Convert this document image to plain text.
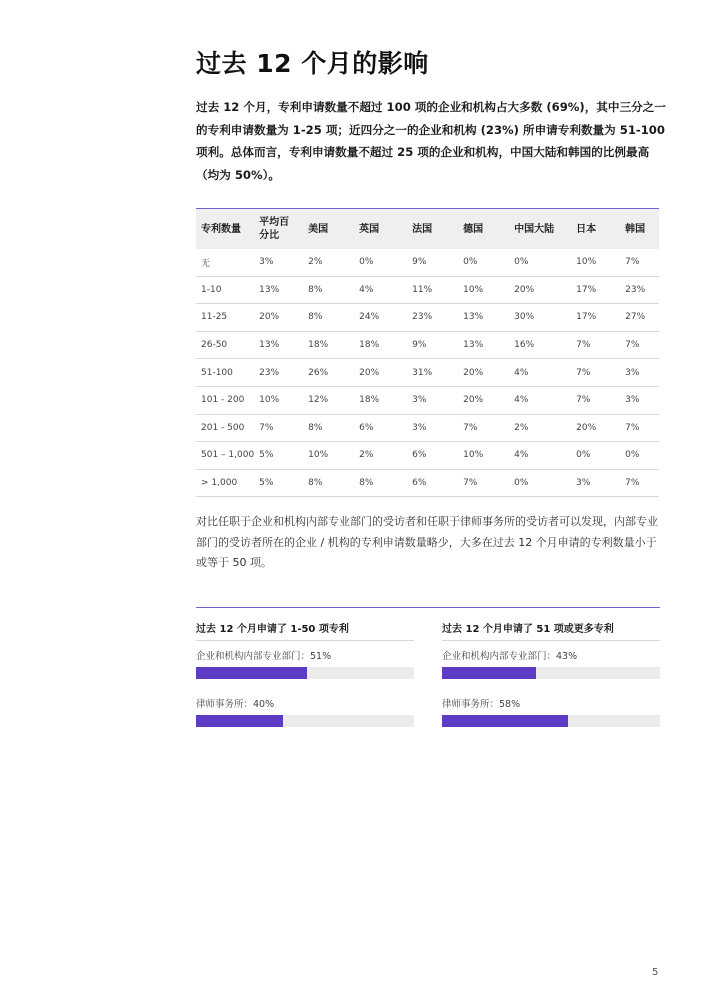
过去 12 个月的影响
过去 12 个月，专利申请数量不超过 100 项的企业和机构占大多数 (69%)，其中三分之一的专利申请数量为 1-25 项；近四分之一的企业和机构 (23%) 所申请专利数量为 51-100 项利。总体而言，专利申请数量不超过 25 项的企业和机构，中国大陆和韩国的比例最高（均为 50%）。
专利数量	平均百分比	美国	英国	法国	德国	中国大陆	日本	韩国
无	3%	2%	0%	9%	0%	0%	10%	7%
1-10	13%	8%	4%	11%	10%	20%	17%	23%
11-25	20%	8%	24%	23%	13%	30%	17%	27%
26-50	13%	18%	18%	9%	13%	16%	7%	7%
51-100	23%	26%	20%	31%	20%	4%	7%	3%
101 - 200	10%	12%	18%	3%	20%	4%	7%	3%
201 - 500	7%	8%	6%	3%	7%	2%	20%	7%
501 – 1,000	5%	10%	2%	6%	10%	4%	0%	0%
> 1,000	5%	8%	8%	6%	7%	0%	3%	7%
对比任职于企业和机构内部专业部门的受访者和任职于律师事务所的受访者可以发现，内部专业部门的受访者所在的企业 / 机构的专利申请数量略少，大多在过去 12 个月申请的专利数量小于或等于 50 项。
过去 12 个月申请了 1-50 项专利
企业和机构内部专业部门：51%
律师事务所：40%
过去 12 个月申请了 51 项或更多专利
企业和机构内部专业部门：43%
律师事务所：58%
5
